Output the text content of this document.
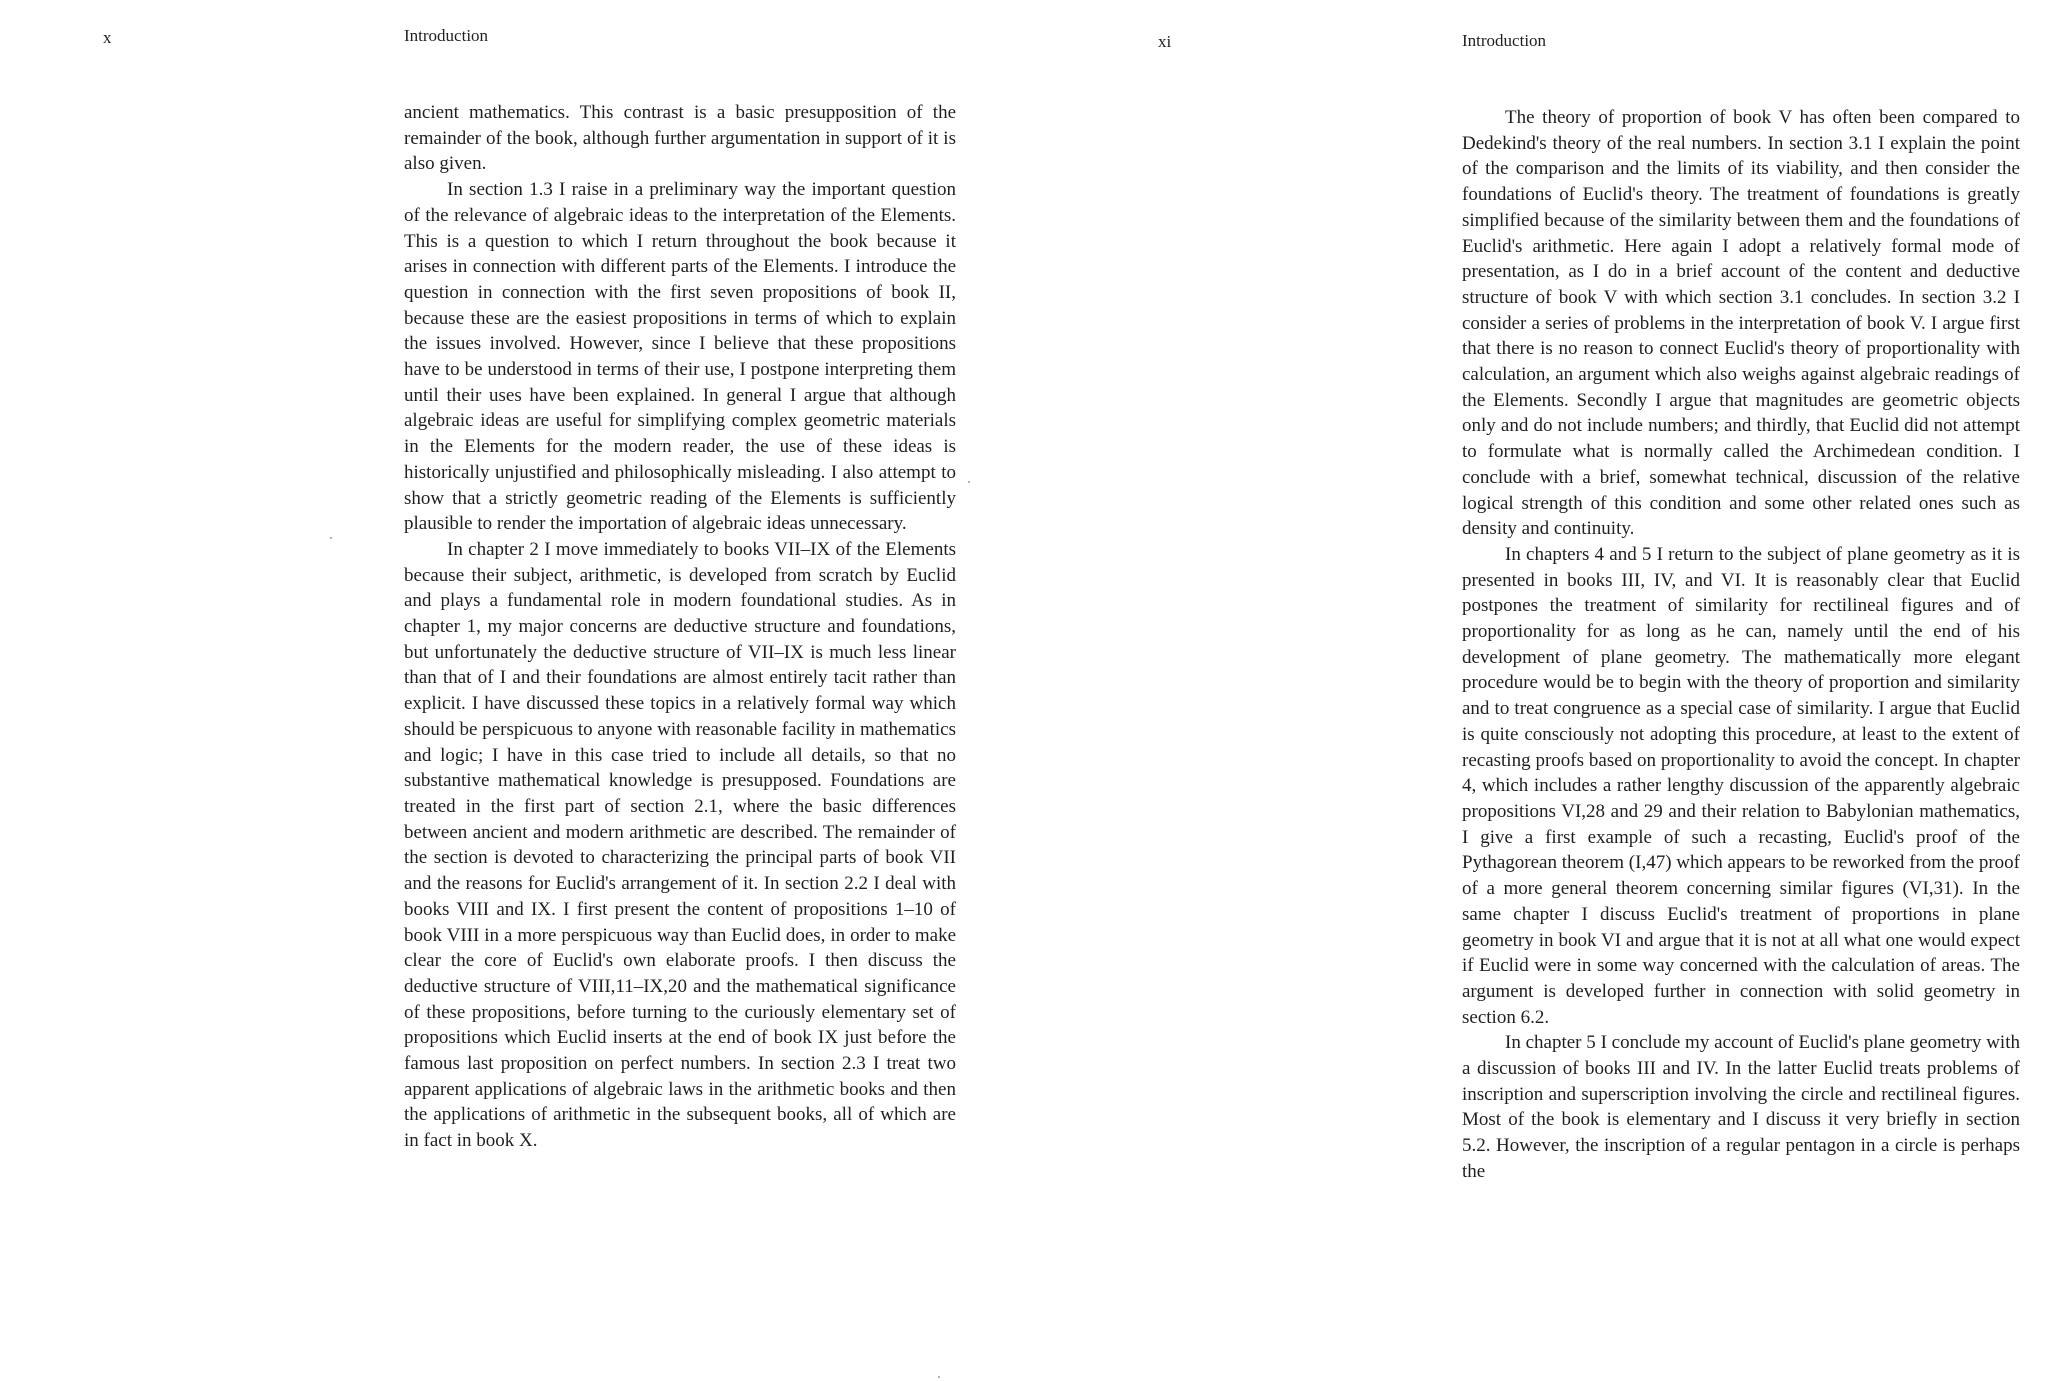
x	Introduction

ancient mathematics. This contrast is a basic presupposition of the remainder of the book, although further argumentation in support of it is also given.

In section 1.3 I raise in a preliminary way the important question of the relevance of algebraic ideas to the interpretation of the Elements. This is a question to which I return throughout the book because it arises in connection with different parts of the Elements. I introduce the question in connection with the first seven propositions of book II, because these are the easiest propositions in terms of which to explain the issues involved. However, since I believe that these propositions have to be understood in terms of their use, I postpone interpreting them until their uses have been explained. In general I argue that although algebraic ideas are useful for simplifying complex geometric materials in the Elements for the modern reader, the use of these ideas is historically unjustified and philosophically misleading. I also attempt to show that a strictly geometric reading of the Elements is sufficiently plausible to render the importation of algebraic ideas unnecessary.

In chapter 2 I move immediately to books VII–IX of the Elements because their subject, arithmetic, is developed from scratch by Euclid and plays a fundamental role in modern foundational studies. As in chapter 1, my major concerns are deductive structure and foundations, but unfortunately the deductive structure of VII–IX is much less linear than that of I and their foundations are almost entirely tacit rather than explicit. I have discussed these topics in a relatively formal way which should be perspicuous to anyone with reasonable facility in mathematics and logic; I have in this case tried to include all details, so that no substantive mathematical knowledge is presupposed. Foundations are treated in the first part of section 2.1, where the basic differences between ancient and modern arithmetic are described. The remainder of the section is devoted to characterizing the principal parts of book VII and the reasons for Euclid's arrangement of it. In section 2.2 I deal with books VIII and IX. I first present the content of propositions 1–10 of book VIII in a more perspicuous way than Euclid does, in order to make clear the core of Euclid's own elaborate proofs. I then discuss the deductive structure of VIII,11–IX,20 and the mathematical significance of these propositions, before turning to the curiously elementary set of propositions which Euclid inserts at the end of book IX just before the famous last proposition on perfect numbers. In section 2.3 I treat two apparent applications of algebraic laws in the arithmetic books and then the applications of arithmetic in the subsequent books, all of which are in fact in book X.

xi	Introduction

The theory of proportion of book V has often been compared to Dedekind's theory of the real numbers. In section 3.1 I explain the point of the comparison and the limits of its viability, and then consider the foundations of Euclid's theory. The treatment of foundations is greatly simplified because of the similarity between them and the foundations of Euclid's arithmetic. Here again I adopt a relatively formal mode of presentation, as I do in a brief account of the content and deductive structure of book V with which section 3.1 concludes. In section 3.2 I consider a series of problems in the interpretation of book V. I argue first that there is no reason to connect Euclid's theory of proportionality with calculation, an argument which also weighs against algebraic readings of the Elements. Secondly I argue that magnitudes are geometric objects only and do not include numbers; and thirdly, that Euclid did not attempt to formulate what is normally called the Archimedean condition. I conclude with a brief, somewhat technical, discussion of the relative logical strength of this condition and some other related ones such as density and continuity.

In chapters 4 and 5 I return to the subject of plane geometry as it is presented in books III, IV, and VI. It is reasonably clear that Euclid postpones the treatment of similarity for rectilineal figures and of proportionality for as long as he can, namely until the end of his development of plane geometry. The mathematically more elegant procedure would be to begin with the theory of proportion and similarity and to treat congruence as a special case of similarity. I argue that Euclid is quite consciously not adopting this procedure, at least to the extent of recasting proofs based on proportionality to avoid the concept. In chapter 4, which includes a rather lengthy discussion of the apparently algebraic propositions VI,28 and 29 and their relation to Babylonian mathematics, I give a first example of such a recasting, Euclid's proof of the Pythagorean theorem (I,47) which appears to be reworked from the proof of a more general theorem concerning similar figures (VI,31). In the same chapter I discuss Euclid's treatment of proportions in plane geometry in book VI and argue that it is not at all what one would expect if Euclid were in some way concerned with the calculation of areas. The argument is developed further in connection with solid geometry in section 6.2.

In chapter 5 I conclude my account of Euclid's plane geometry with a discussion of books III and IV. In the latter Euclid treats problems of inscription and superscription involving the circle and rectilineal figures. Most of the book is elementary and I discuss it very briefly in section 5.2. However, the inscription of a regular pentagon in a circle is perhaps the
